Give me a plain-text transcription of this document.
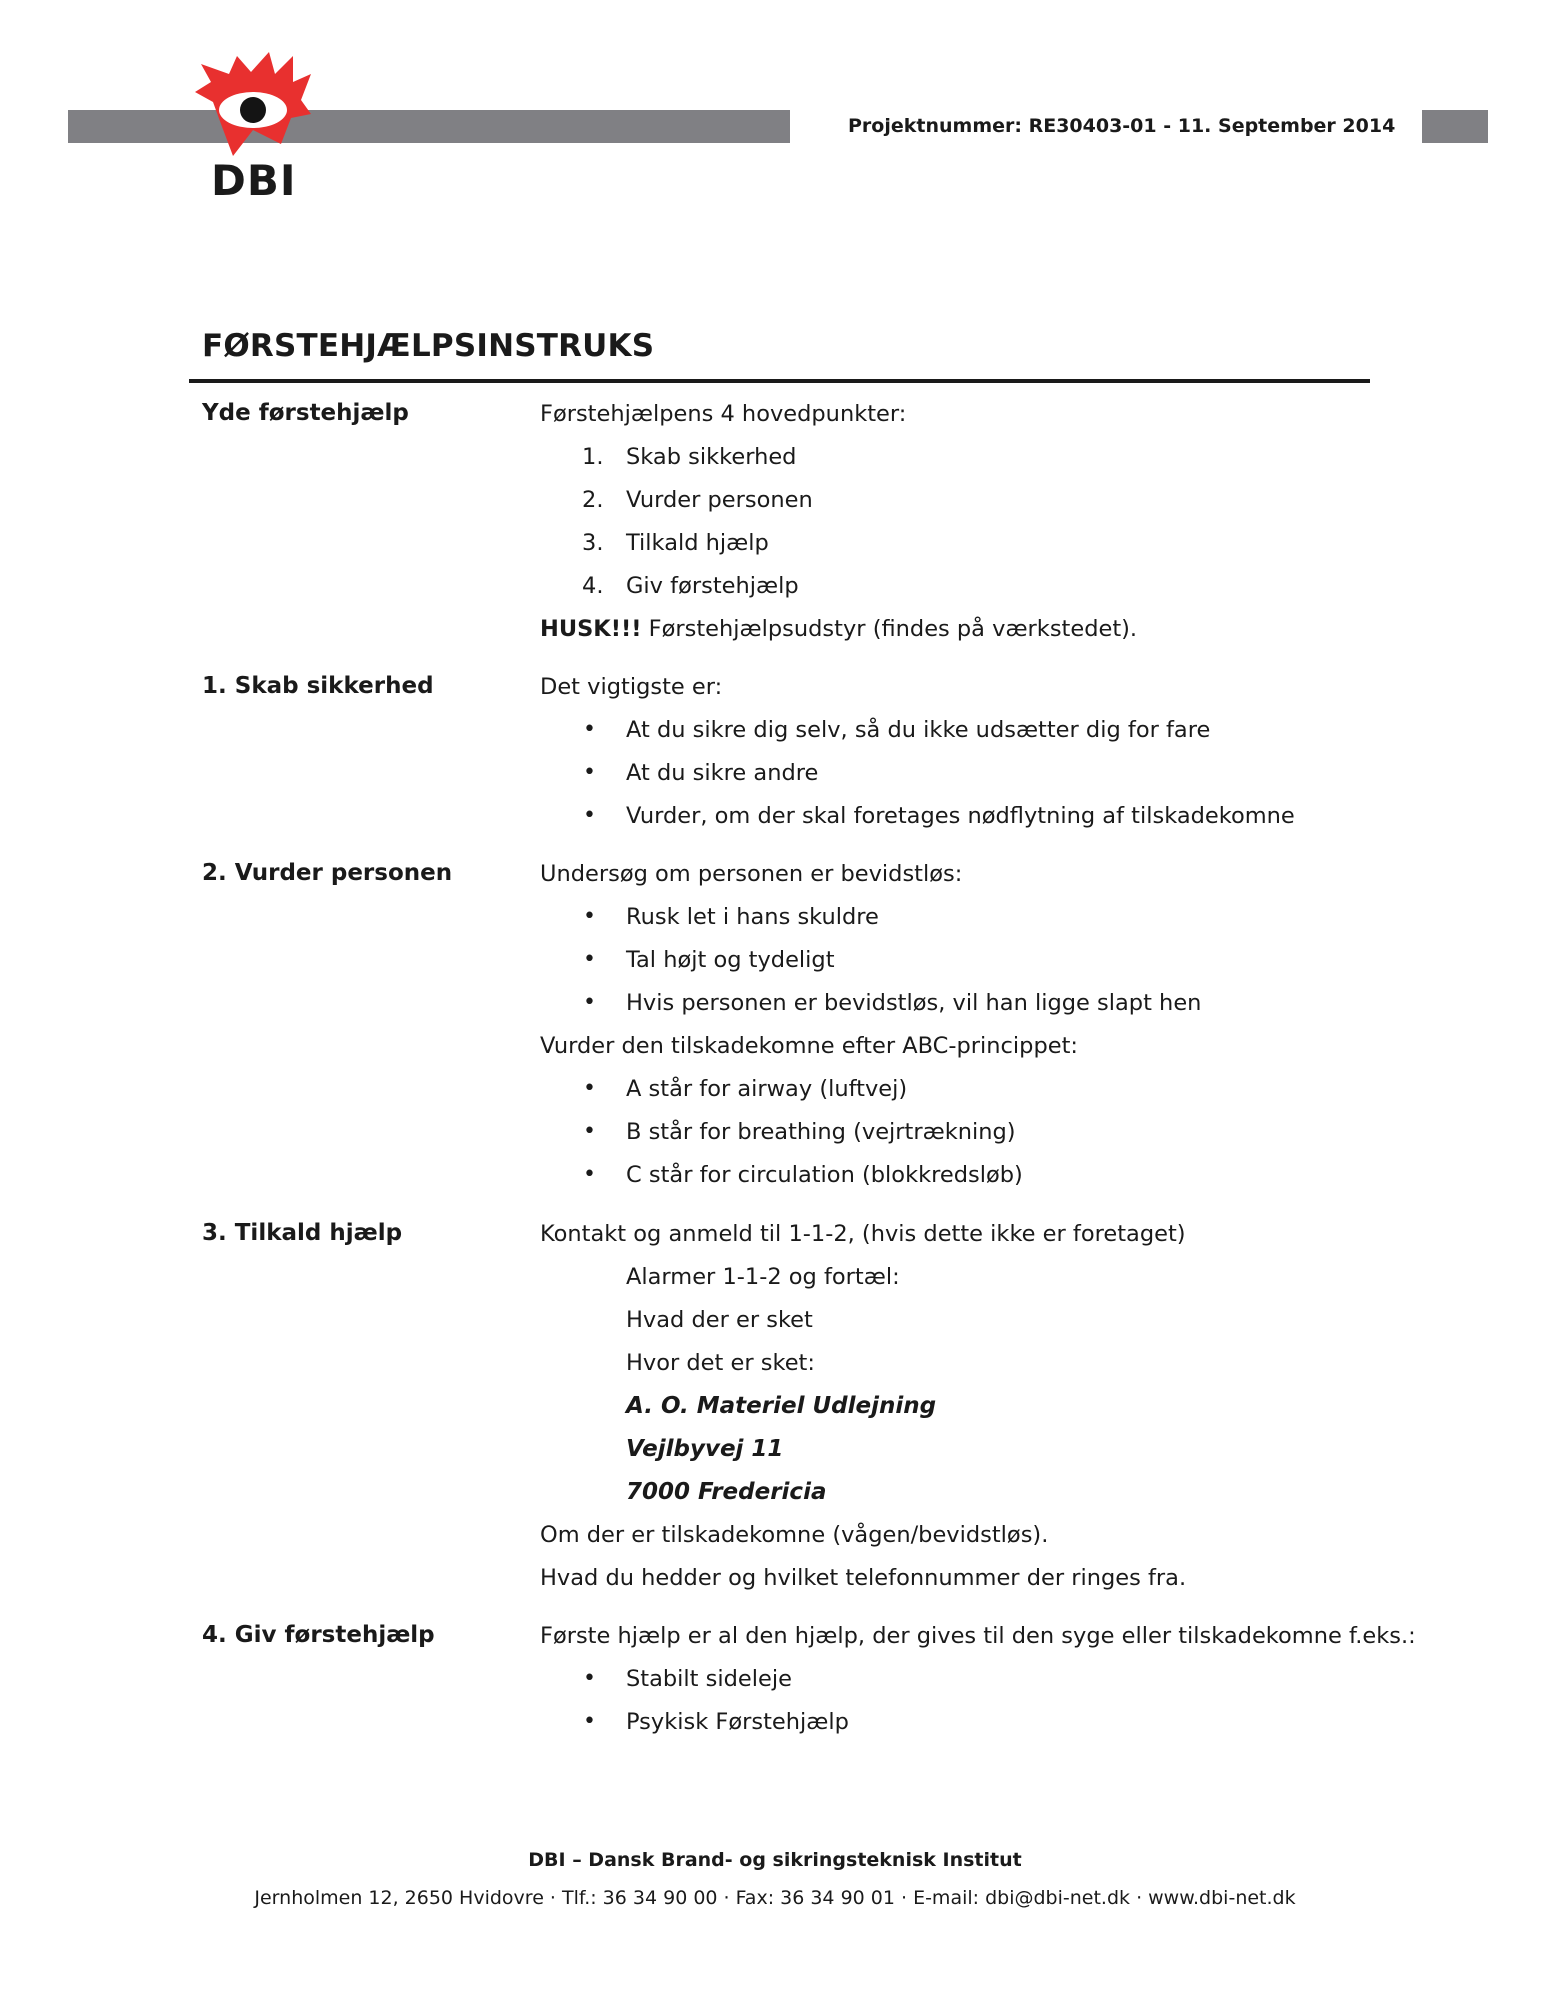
DBI
Projektnummer: RE30403-01 - 11. September 2014
FØRSTEHJÆLPSINSTRUKS
Yde førstehjælp	Førstehjælpens 4 hovedpunkter:
1. Skab sikkerhed
2. Vurder personen
3. Tilkald hjælp
4. Giv førstehjælp
HUSK!!! Førstehjælpsudstyr (findes på værkstedet).
1. Skab sikkerhed	Det vigtigste er:
• At du sikre dig selv, så du ikke udsætter dig for fare
• At du sikre andre
• Vurder, om der skal foretages nødflytning af tilskadekomne
2. Vurder personen	Undersøg om personen er bevidstløs:
• Rusk let i hans skuldre
• Tal højt og tydeligt
• Hvis personen er bevidstløs, vil han ligge slapt hen
Vurder den tilskadekomne efter ABC-princippet:
• A står for airway (luftvej)
• B står for breathing (vejrtrækning)
• C står for circulation (blokkredsløb)
3. Tilkald hjælp	Kontakt og anmeld til 1-1-2, (hvis dette ikke er foretaget)
Alarmer 1-1-2 og fortæl:
Hvad der er sket
Hvor det er sket:
A. O. Materiel Udlejning
Vejlbyvej 11
7000 Fredericia
Om der er tilskadekomne (vågen/bevidstløs).
Hvad du hedder og hvilket telefonnummer der ringes fra.
4. Giv førstehjælp	Første hjælp er al den hjælp, der gives til den syge eller tilskadekomne f.eks.:
• Stabilt sideleje
• Psykisk Førstehjælp
DBI – Dansk Brand- og sikringsteknisk Institut
Jernholmen 12, 2650 Hvidovre · Tlf.: 36 34 90 00 · Fax: 36 34 90 01 · E-mail: dbi@dbi-net.dk · www.dbi-net.dk
